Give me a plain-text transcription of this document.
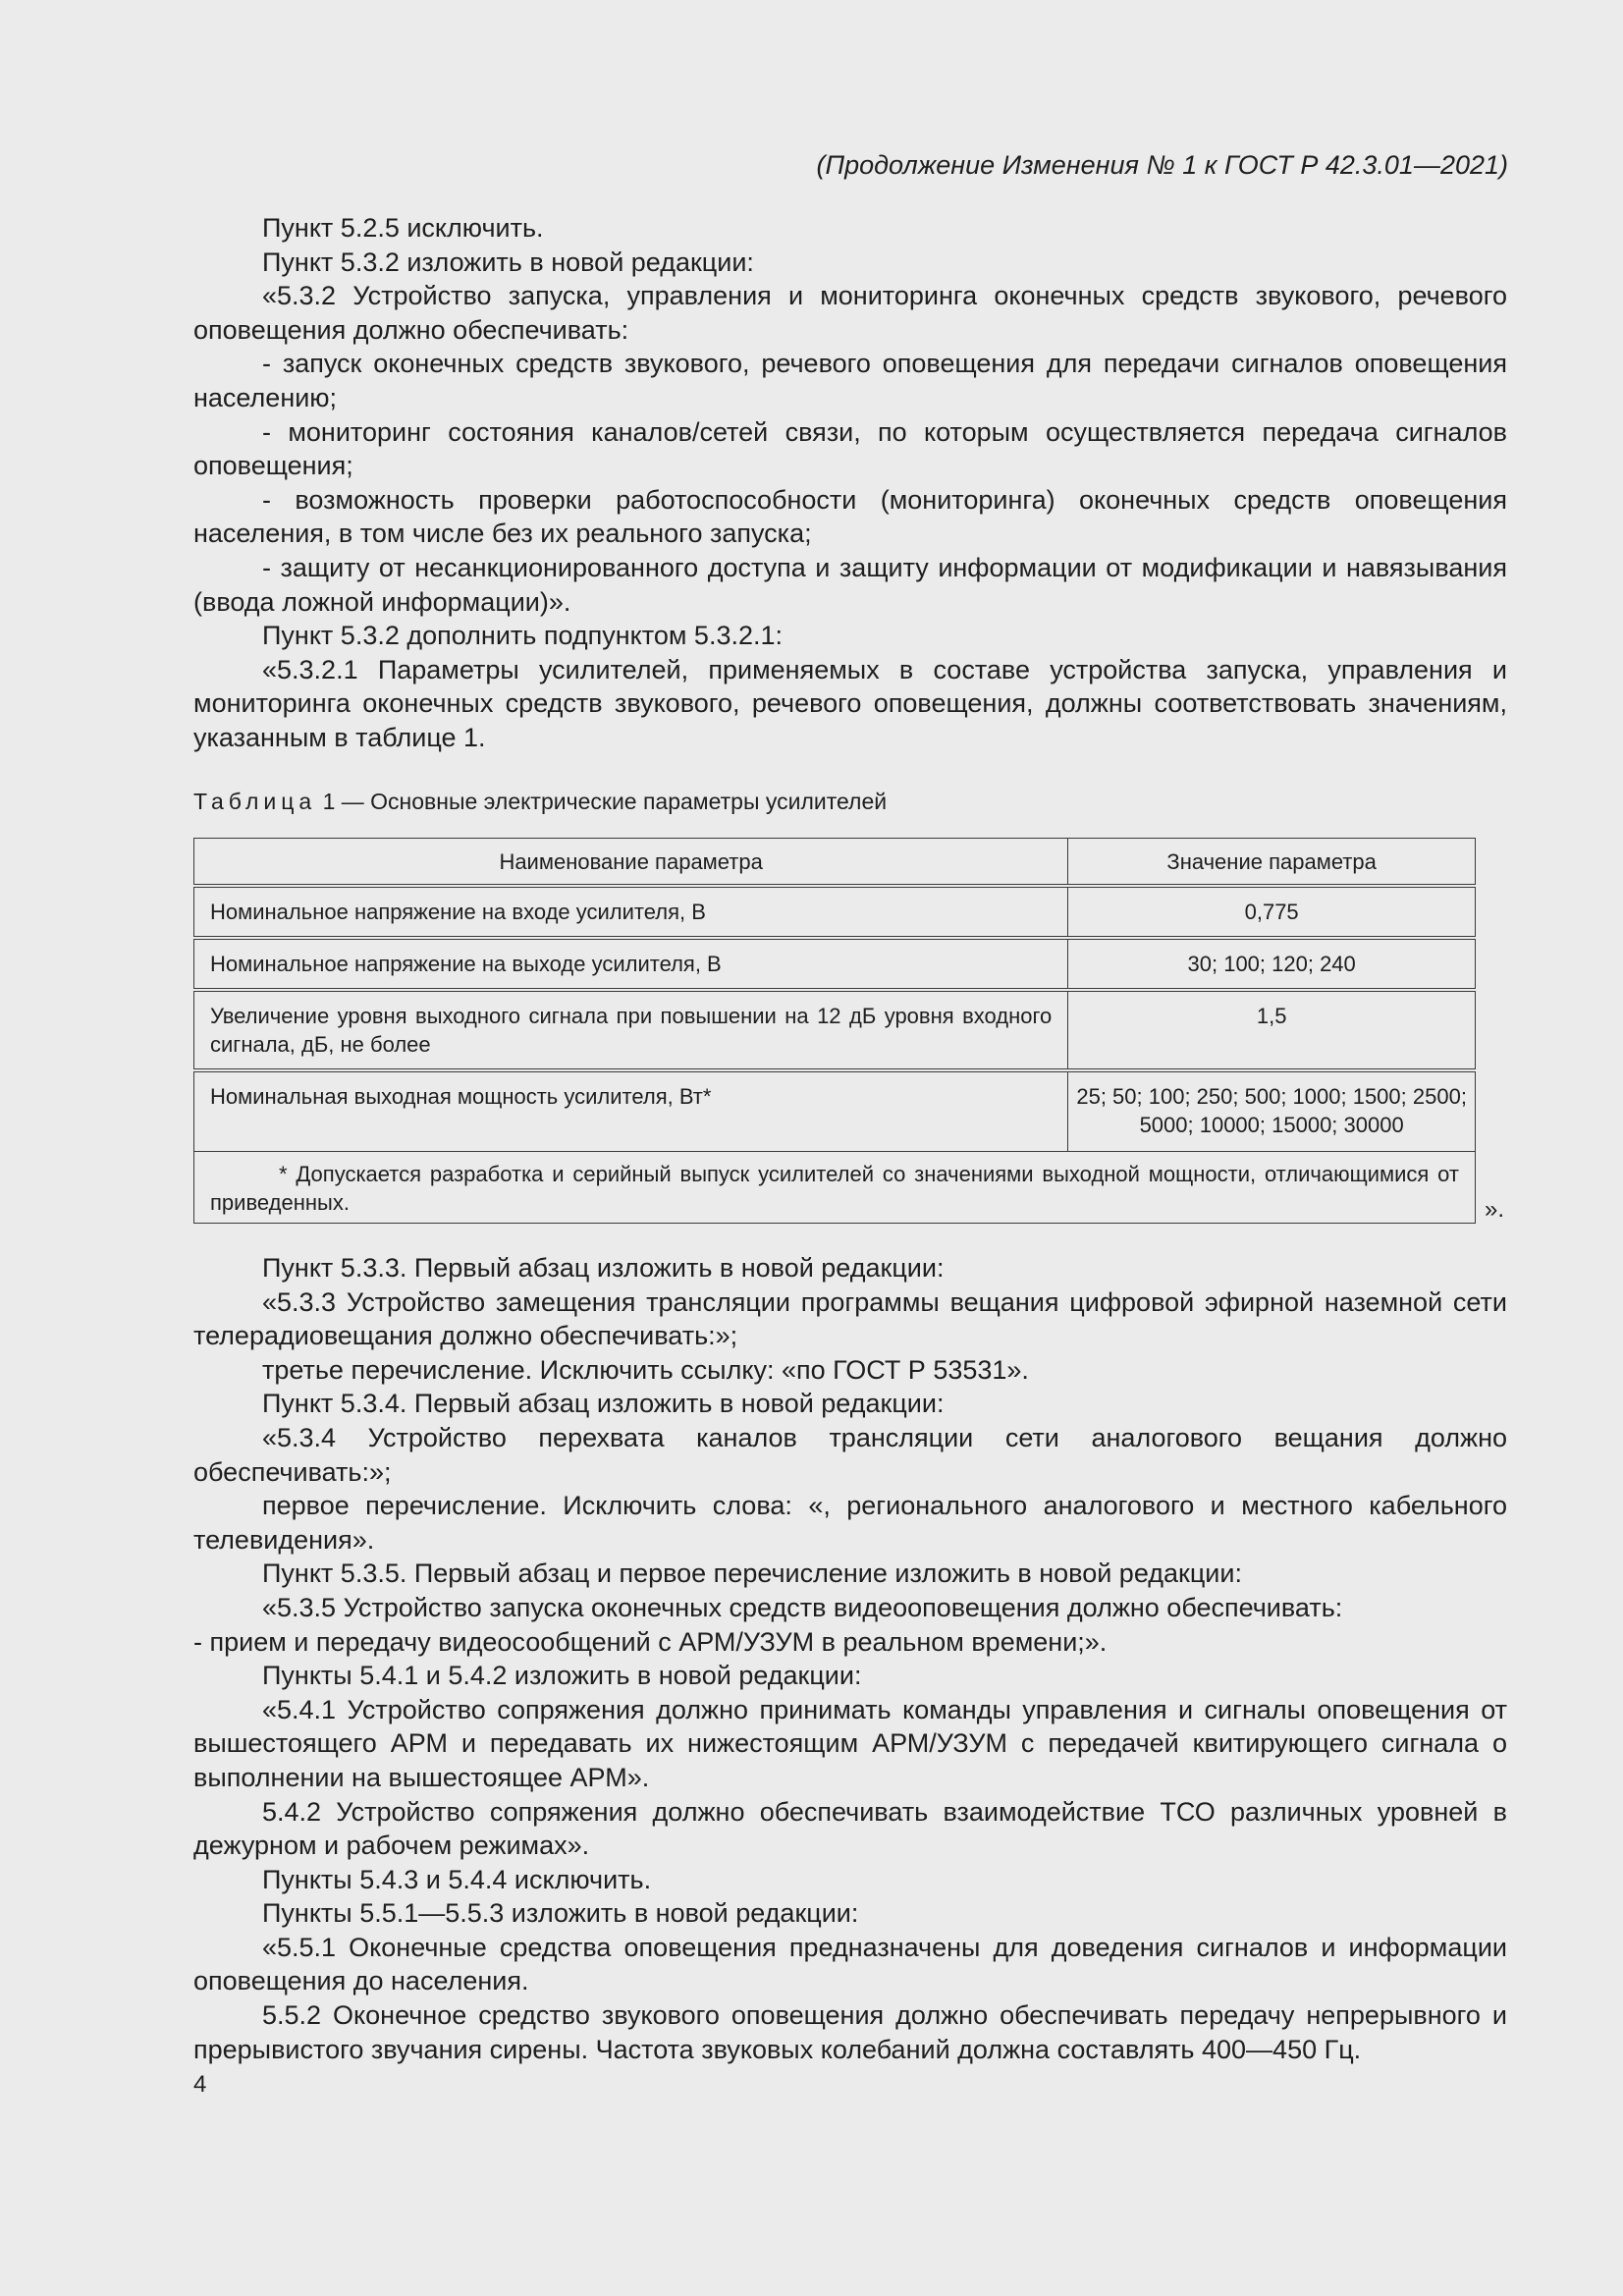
(Продолжение Изменения № 1 к ГОСТ Р 42.3.01—2021)

Пункт 5.2.5 исключить.

Пункт 5.3.2 изложить в новой редакции:

«5.3.2 Устройство запуска, управления и мониторинга оконечных средств звукового, речевого оповещения должно обеспечивать:

- запуск оконечных средств звукового, речевого оповещения для передачи сигналов оповещения населению;

- мониторинг состояния каналов/сетей связи, по которым осуществляется передача сигналов оповещения;

- возможность проверки работоспособности (мониторинга) оконечных средств оповещения населения, в том числе без их реального запуска;

- защиту от несанкционированного доступа и защиту информации от модификации и навязывания (ввода ложной информации)».

Пункт 5.3.2 дополнить подпунктом 5.3.2.1:

«5.3.2.1 Параметры усилителей, применяемых в составе устройства запуска, управления и мониторинга оконечных средств звукового, речевого оповещения, должны соответствовать значениям, указанным в таблице 1.

Таблица 1 — Основные электрические параметры усилителей
Наименование параметра	Значение параметра
Номинальное напряжение на входе усилителя, В	0,775
Номинальное напряжение на выходе усилителя, В	30; 100; 120; 240
Увеличение уровня выходного сигнала при повышении на 12 дБ уровня входного сигнала, дБ, не более	1,5
Номинальная выходная мощность усилителя, Вт*	25; 50; 100; 250; 500; 1000; 1500; 2500; 5000; 10000; 15000; 30000
* Допускается разработка и серийный выпуск усилителей со значениями выходной мощности, отличающимися от приведенных.		».

Пункт 5.3.3. Первый абзац изложить в новой редакции:

«5.3.3 Устройство замещения трансляции программы вещания цифровой эфирной наземной сети телерадиовещания должно обеспечивать:»;

третье перечисление. Исключить ссылку: «по ГОСТ Р 53531».

Пункт 5.3.4. Первый абзац изложить в новой редакции:

«5.3.4 Устройство перехвата каналов трансляции сети аналогового вещания должно обеспечивать:»;

первое перечисление. Исключить слова: «, регионального аналогового и местного кабельного телевидения».

Пункт 5.3.5. Первый абзац и первое перечисление изложить в новой редакции:

«5.3.5 Устройство запуска оконечных средств видеооповещения должно обеспечивать:

- прием и передачу видеосообщений с АРМ/УЗУМ в реальном времени;».

Пункты 5.4.1 и 5.4.2 изложить в новой редакции:

«5.4.1 Устройство сопряжения должно принимать команды управления и сигналы оповещения от вышестоящего АРМ и передавать их нижестоящим АРМ/УЗУМ с передачей квитирующего сигнала о выполнении на вышестоящее АРМ».

5.4.2 Устройство сопряжения должно обеспечивать взаимодействие ТСО различных уровней в дежурном и рабочем режимах».

Пункты 5.4.3 и 5.4.4 исключить.

Пункты 5.5.1—5.5.3 изложить в новой редакции:

«5.5.1 Оконечные средства оповещения предназначены для доведения сигналов и информации оповещения до населения.

5.5.2 Оконечное средство звукового оповещения должно обеспечивать передачу непрерывного и прерывистого звучания сирены. Частота звуковых колебаний должна составлять 400—450 Гц.

4
